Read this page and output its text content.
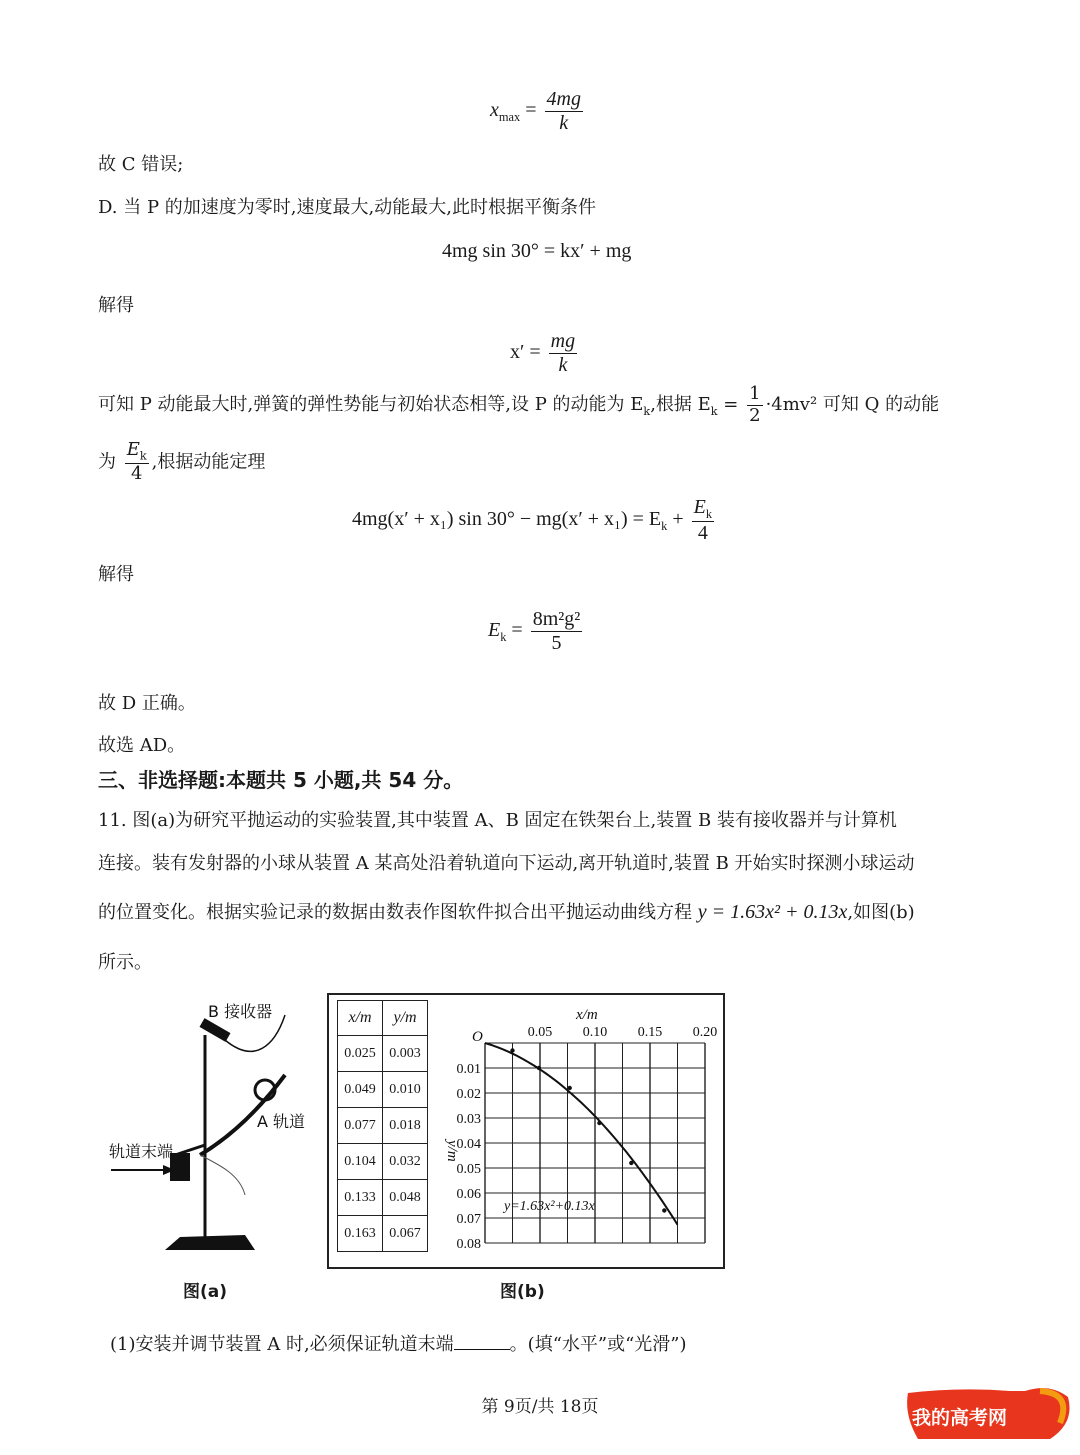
$x_{max} = \frac{4mg}{k}$
故 C 错误;
D. 当 P 的加速度为零时,速度最大,动能最大,此时根据平衡条件
4mg sin 30° = kx′ + mg
解得
$x' = \frac{mg}{k}$
可知 P 动能最大时,弹簧的弹性势能与初始状态相等,设 P 的动能为 $E_k$,根据 $E_k = \frac{1}{2} \cdot 4mv^2$ 可知 Q 的动能
为 $\frac{E_k}{4}$ ,根据动能定理
4mg(x′ + x₁) $\sin 30^\circ - mg(x' + x_1) = E_k + \frac{E_k}{4}$
解得
$E_k = \frac{\text{8m²g²}}{5}$
故 D 正确。
故选 AD。
三、非选择题:本题共 5 小题,共 54 分。
11. 图(a)为研究平抛运动的实验装置,其中装置 A、B 固定在铁架台上,装置 B 装有接收器并与计算机
连接。装有发射器的小球从装置 A 某高处沿着轨道向下运动,离开轨道时,装置 B 开始实时探测小球运动
的位置变化。根据实验记录的数据由数表作图软件拟合出平抛运动曲线方程 y = 1.63x² + 0.13x,如图(b)
所示。
B 接收器
A 轨道
轨道末端
图(a)
x/m	y/m
0.025	0.003
0.049	0.010
0.077	0.018
0.104	0.032
0.133	0.048
0.163	0.067
0.05 0.10 0.15 0.20
0.01
0.02
0.03
0.04
0.05
0.06
0.07
0.08
O
x/m
y/m
y=1.63x²+0.13x
图(b)
(1)安装并调节装置 A 时,必须保证轨道末端	。(填“水平”或“光滑”)
第 9页/共 18页	我的高考网
